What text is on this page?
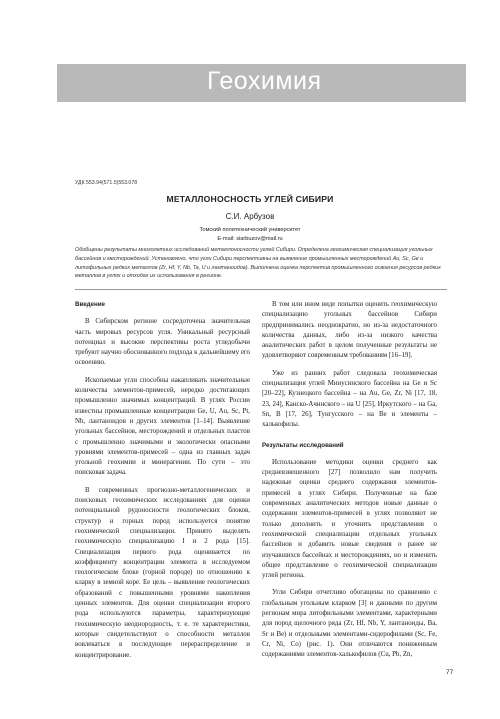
Геохимия
УДК 553.94(571.5)553.078
МЕТАЛЛОНОСНОСТЬ УГЛЕЙ СИБИРИ
С.И. Арбузов
Томский политехнический университет
E-mail: siarbuzov@mail.ru
Обобщены результаты многолетних исследований металлоносности углей Сибири. Определена геохимическая специализация угольных бассейнов и месторождений. Установлено, что угли Сибири перспективны на выявление промышленных месторождений Au, Sc, Ge и литофильных редких металлов (Zr, Hf, Y, Nb, Ta, U и лантаноидов). Выполнена оценка перспектив промышленного освоения ресурсов редких металлов в углях и отходах их использования в регионе.

Введение

В Сибирском регионе сосредоточена значительная часть мировых ресурсов угля. Уникальный ресурсный потенциал и высокие перспективы роста угледобычи требуют научно обоснованного подхода к дальнейшему его освоению.

Ископаемые угли способны накапливать значительные количества элементов-примесей, нередко достигающих промышленно значимых концентраций. В углях России известны промышленные концентрации Ge, U, Au, Sc, Pt, Nb, лантаноидов и других элементов [1–14]. Выявление угольных бассейнов, месторождений и отдельных пластов с промышленно значимыми и экологически опасными уровнями элементов-примесей – одна из главных задач угольной геохимии и минерагении. По сути – это поисковая задача.

В современных прогнозно-металлогенических и поисковых геохимических исследованиях для оценки потенциальной рудоносности геологических блоков, структур и горных пород используется понятие геохимической специализации. Принято выделять геохимическую специализацию I и 2 рода [15]. Специализация первого рода оценивается по коэффициенту концентрации элемента в исследуемом геологическом блоке (горной породе) по отношению к кларку в земной коре. Ее цель – выявление геологических образований с повышенными уровнями накопления ценных элементов. Для оценки специализации второго рода используются параметры, характеризующие геохимическую неоднородность, т. е. те характеристики, которые свидетельствуют о способности металлов вовлекаться в последующее перераспределение и концентрирование.

В том или ином виде попытки оценить геохимическую специализацию угольных бассейнов Сибири предпринимались неоднократно, но из-за недостаточного количества данных, либо из-за низкого качества аналитических работ в целом полученные результаты не удовлетворяют современным требованиям [16–19].

Уже из ранних работ следовала геохимическая специализация углей Минусинского бассейна на Ge и Sc [20–22], Кузнецкого бассейна – на Au, Ge, Zr, Ni [17, 18, 23, 24], Канско-Ачинского – на U [25], Иркутского – на Ga, Sn, B [17, 26], Тунгусского – на Be и элементы – халькофилы.

Результаты исследований

Использование методики оценки среднего как средневзвешенного [27] позволило нам получить надежные оценки среднего содержания элементов-примесей в углях Сибири. Полученные на базе современных аналитических методов новые данные о содержании элементов-примесей в углях позволяют не только дополнить и уточнить представления о геохимической специализации отдельных угольных бассейнов и добавить новые сведения о ранее не изучавшихся бассейнах и месторождениях, но и изменить общее представление о геохимической специализации углей региона.

Угли Сибири отчетливо обогащены по сравнению с глобальным угольным кларком [3] и данными по другим регионам мира литофильными элементами, характерными для пород щелочного ряда (Zr, Hf, Nb, Y, лантаноиды, Ba, Sr и Be) и отдельными элементами-сидерофилами (Sc, Fe, Cr, Ni, Co) (рис. 1). Они отличаются пониженным содержаниями элементов-халькофилов (Cu, Pb, Zn,

77
